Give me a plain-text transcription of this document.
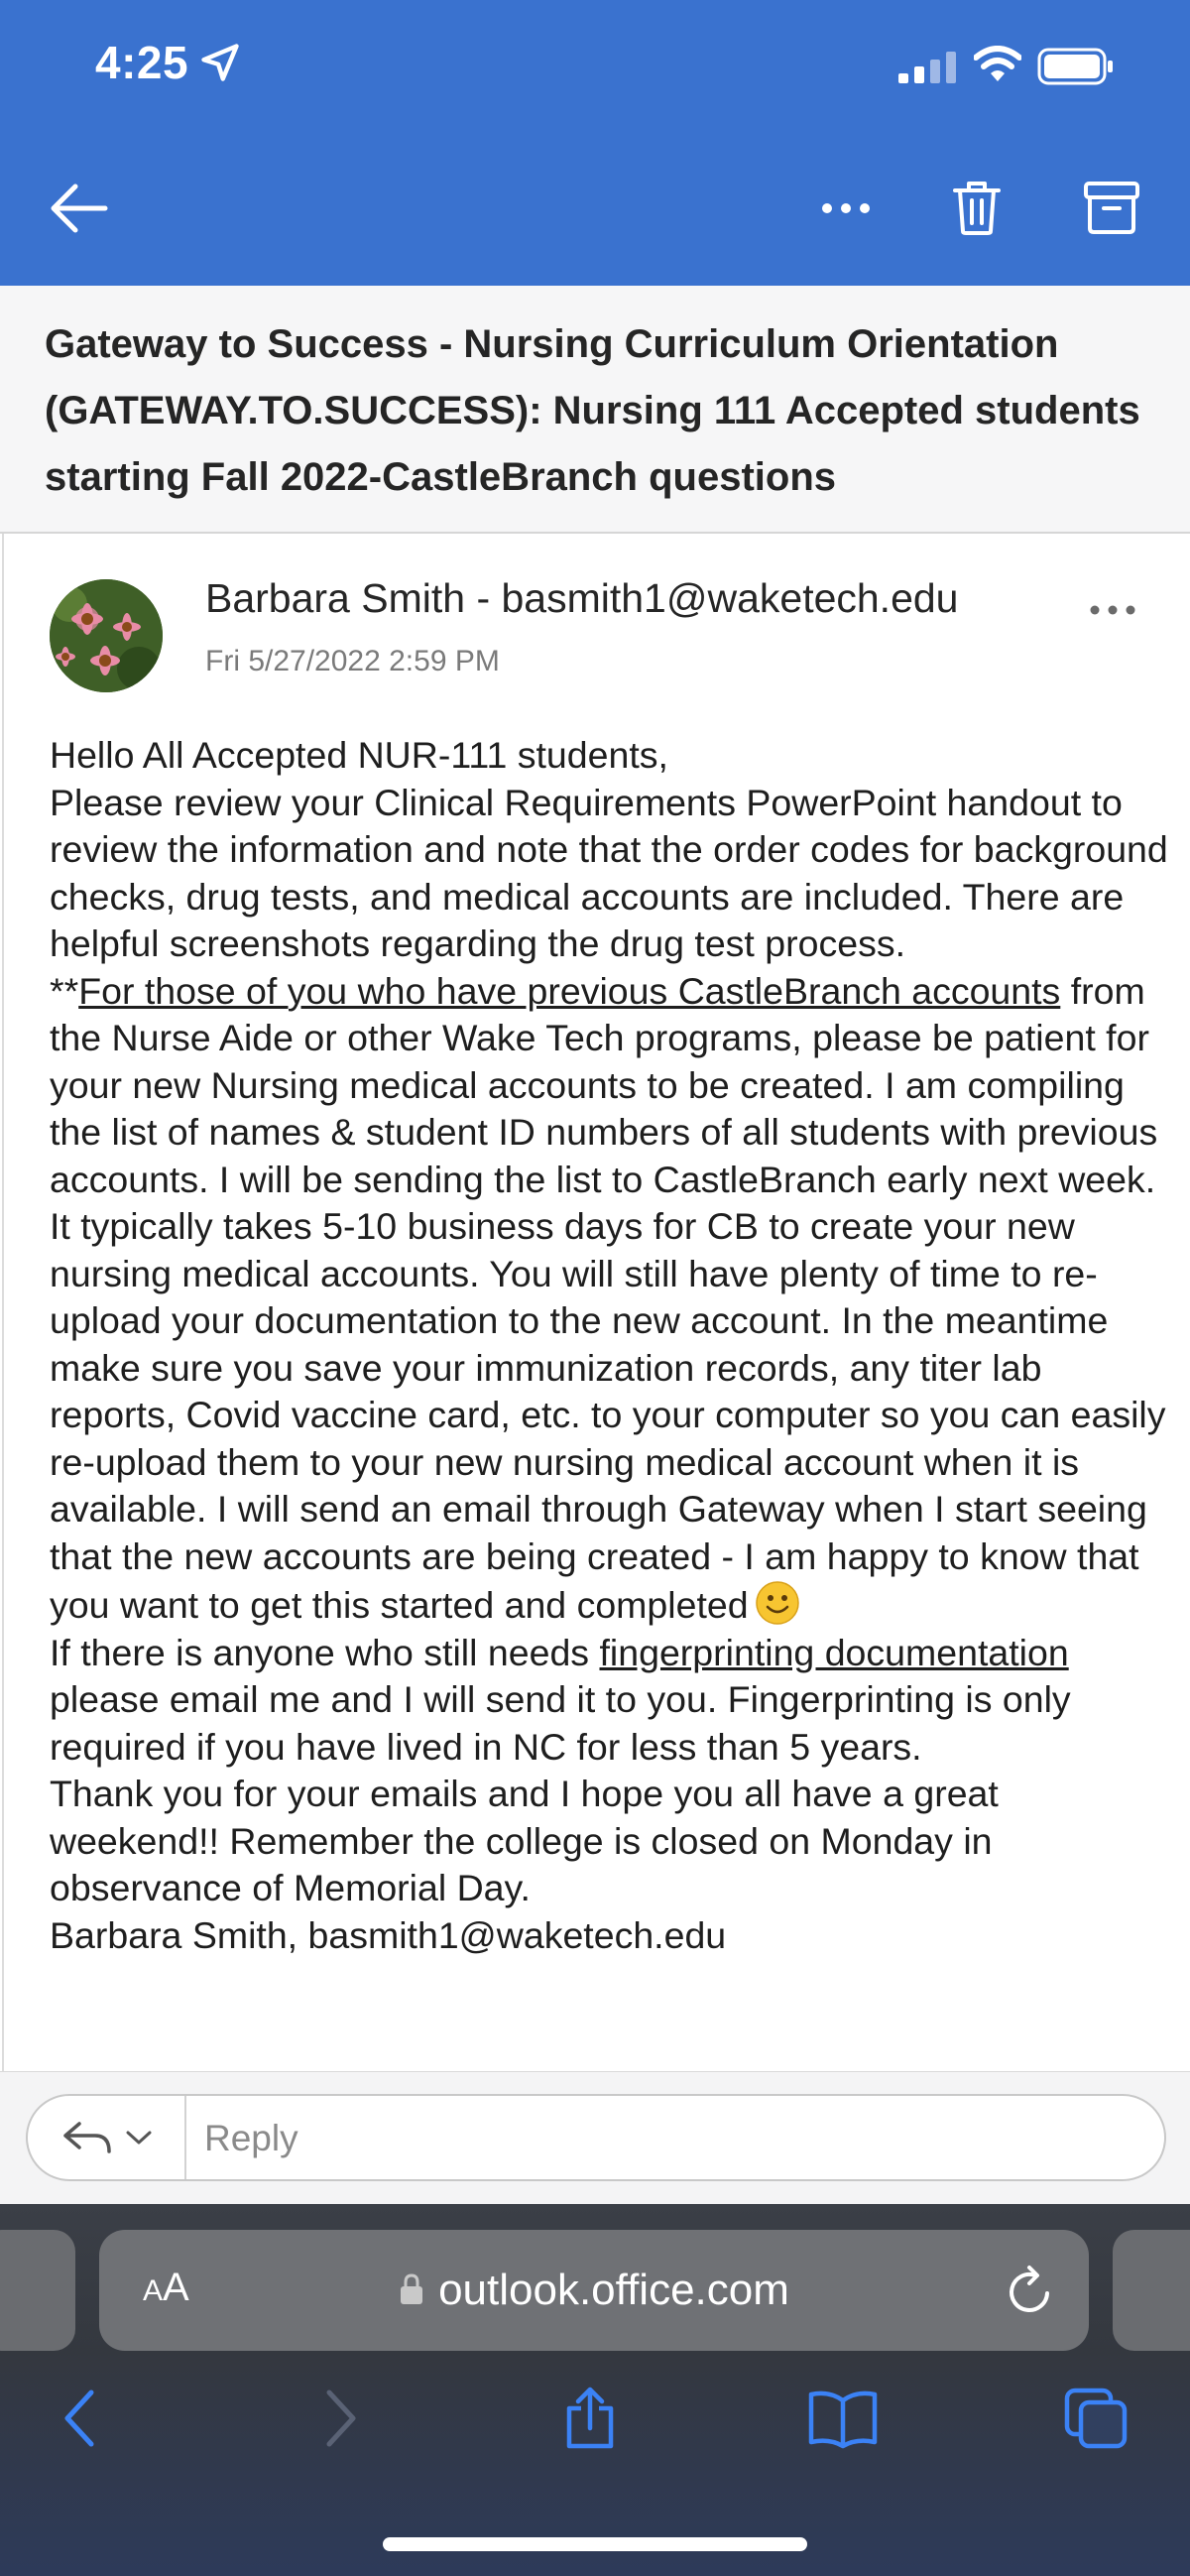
4:25
Gateway to Success - Nursing Curriculum Orientation (GATEWAY.TO.SUCCESS): Nursing 111 Accepted students starting Fall 2022-CastleBranch questions
Barbara Smith - basmith1@waketech.edu
Fri 5/27/2022 2:59 PM

Hello All Accepted NUR-111 students,

Please review your Clinical Requirements PowerPoint handout to review the information and note that the order codes for background checks, drug tests, and medical accounts are included. There are helpful screenshots regarding the drug test process.

**For those of you who have previous CastleBranch accounts from the Nurse Aide or other Wake Tech programs, please be patient for your new Nursing medical accounts to be created. I am compiling the list of names & student ID numbers of all students with previous accounts. I will be sending the list to CastleBranch early next week. It typically takes 5-10 business days for CB to create your new nursing medical accounts. You will still have plenty of time to re-upload your documentation to the new account. In the meantime make sure you save your immunization records, any titer lab reports, Covid vaccine card, etc. to your computer so you can easily re-upload them to your new nursing medical account when it is available. I will send an email through Gateway when I start seeing that the new accounts are being created - I am happy to know that you want to get this started and completed

If there is anyone who still needs fingerprinting documentation please email me and I will send it to you. Fingerprinting is only required if you have lived in NC for less than 5 years.

Thank you for your emails and I hope you all have a great weekend!! Remember the college is closed on Monday in observance of Memorial Day.

Barbara Smith, basmith1@waketech.edu

Reply
AA	outlook.office.com
